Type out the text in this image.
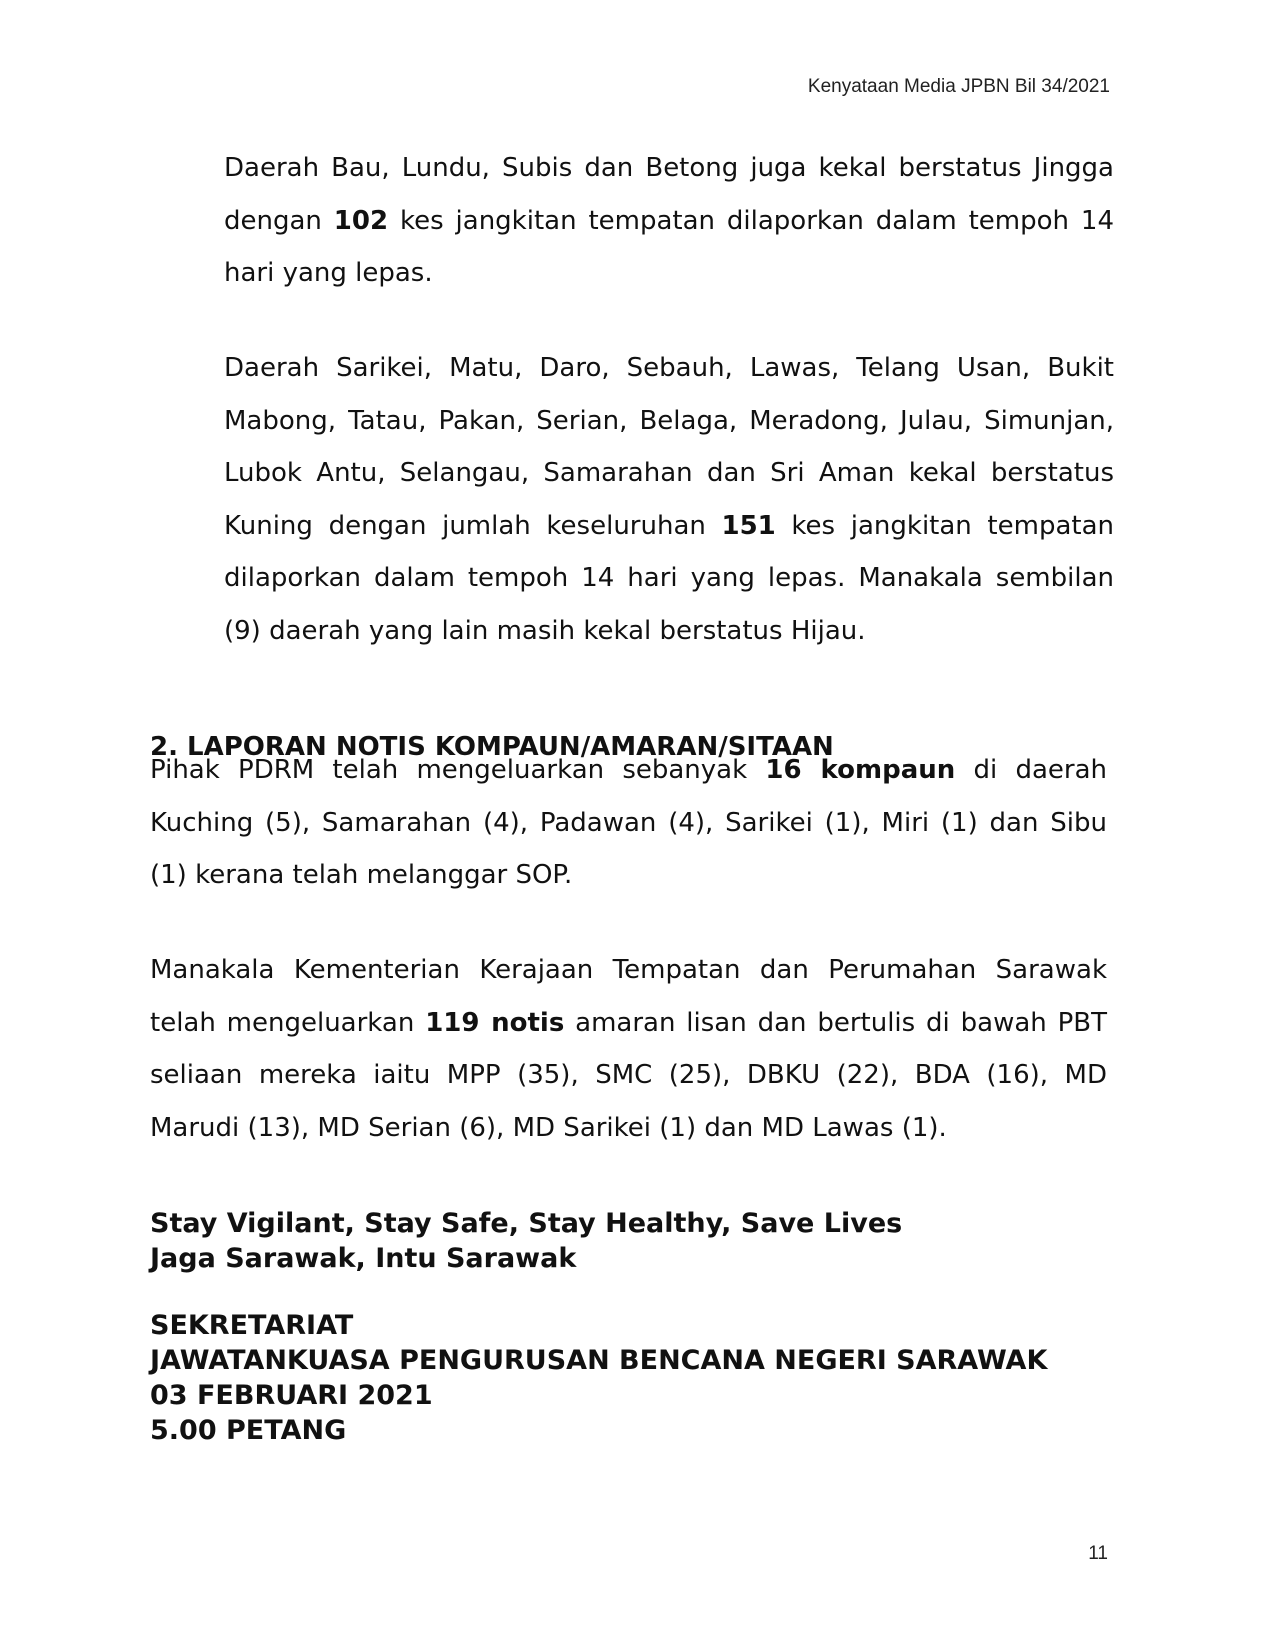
Kenyataan Media JPBN Bil 34/2021

Daerah Bau, Lundu, Subis dan Betong juga kekal berstatus Jingga dengan 102 kes jangkitan tempatan dilaporkan dalam tempoh 14 hari yang lepas.

Daerah Sarikei, Matu, Daro, Sebauh, Lawas, Telang Usan, Bukit Mabong, Tatau, Pakan, Serian, Belaga, Meradong, Julau, Simunjan, Lubok Antu, Selangau, Samarahan dan Sri Aman kekal berstatus Kuning dengan jumlah keseluruhan 151 kes jangkitan tempatan dilaporkan dalam tempoh 14 hari yang lepas. Manakala sembilan (9) daerah yang lain masih kekal berstatus Hijau.

2. LAPORAN NOTIS KOMPAUN/AMARAN/SITAAN

Pihak PDRM telah mengeluarkan sebanyak 16 kompaun di daerah Kuching (5), Samarahan (4), Padawan (4), Sarikei (1), Miri (1) dan Sibu (1) kerana telah melanggar SOP.

Manakala Kementerian Kerajaan Tempatan dan Perumahan Sarawak telah mengeluarkan 119 notis amaran lisan dan bertulis di bawah PBT seliaan mereka iaitu MPP (35), SMC (25), DBKU (22), BDA (16), MD Marudi (13), MD Serian (6), MD Sarikei (1) dan MD Lawas (1).

Stay Vigilant, Stay Safe, Stay Healthy, Save Lives
Jaga Sarawak, Intu Sarawak
SEKRETARIAT
JAWATANKUASA PENGURUSAN BENCANA NEGERI SARAWAK
03 FEBRUARI 2021
5.00 PETANG
11
